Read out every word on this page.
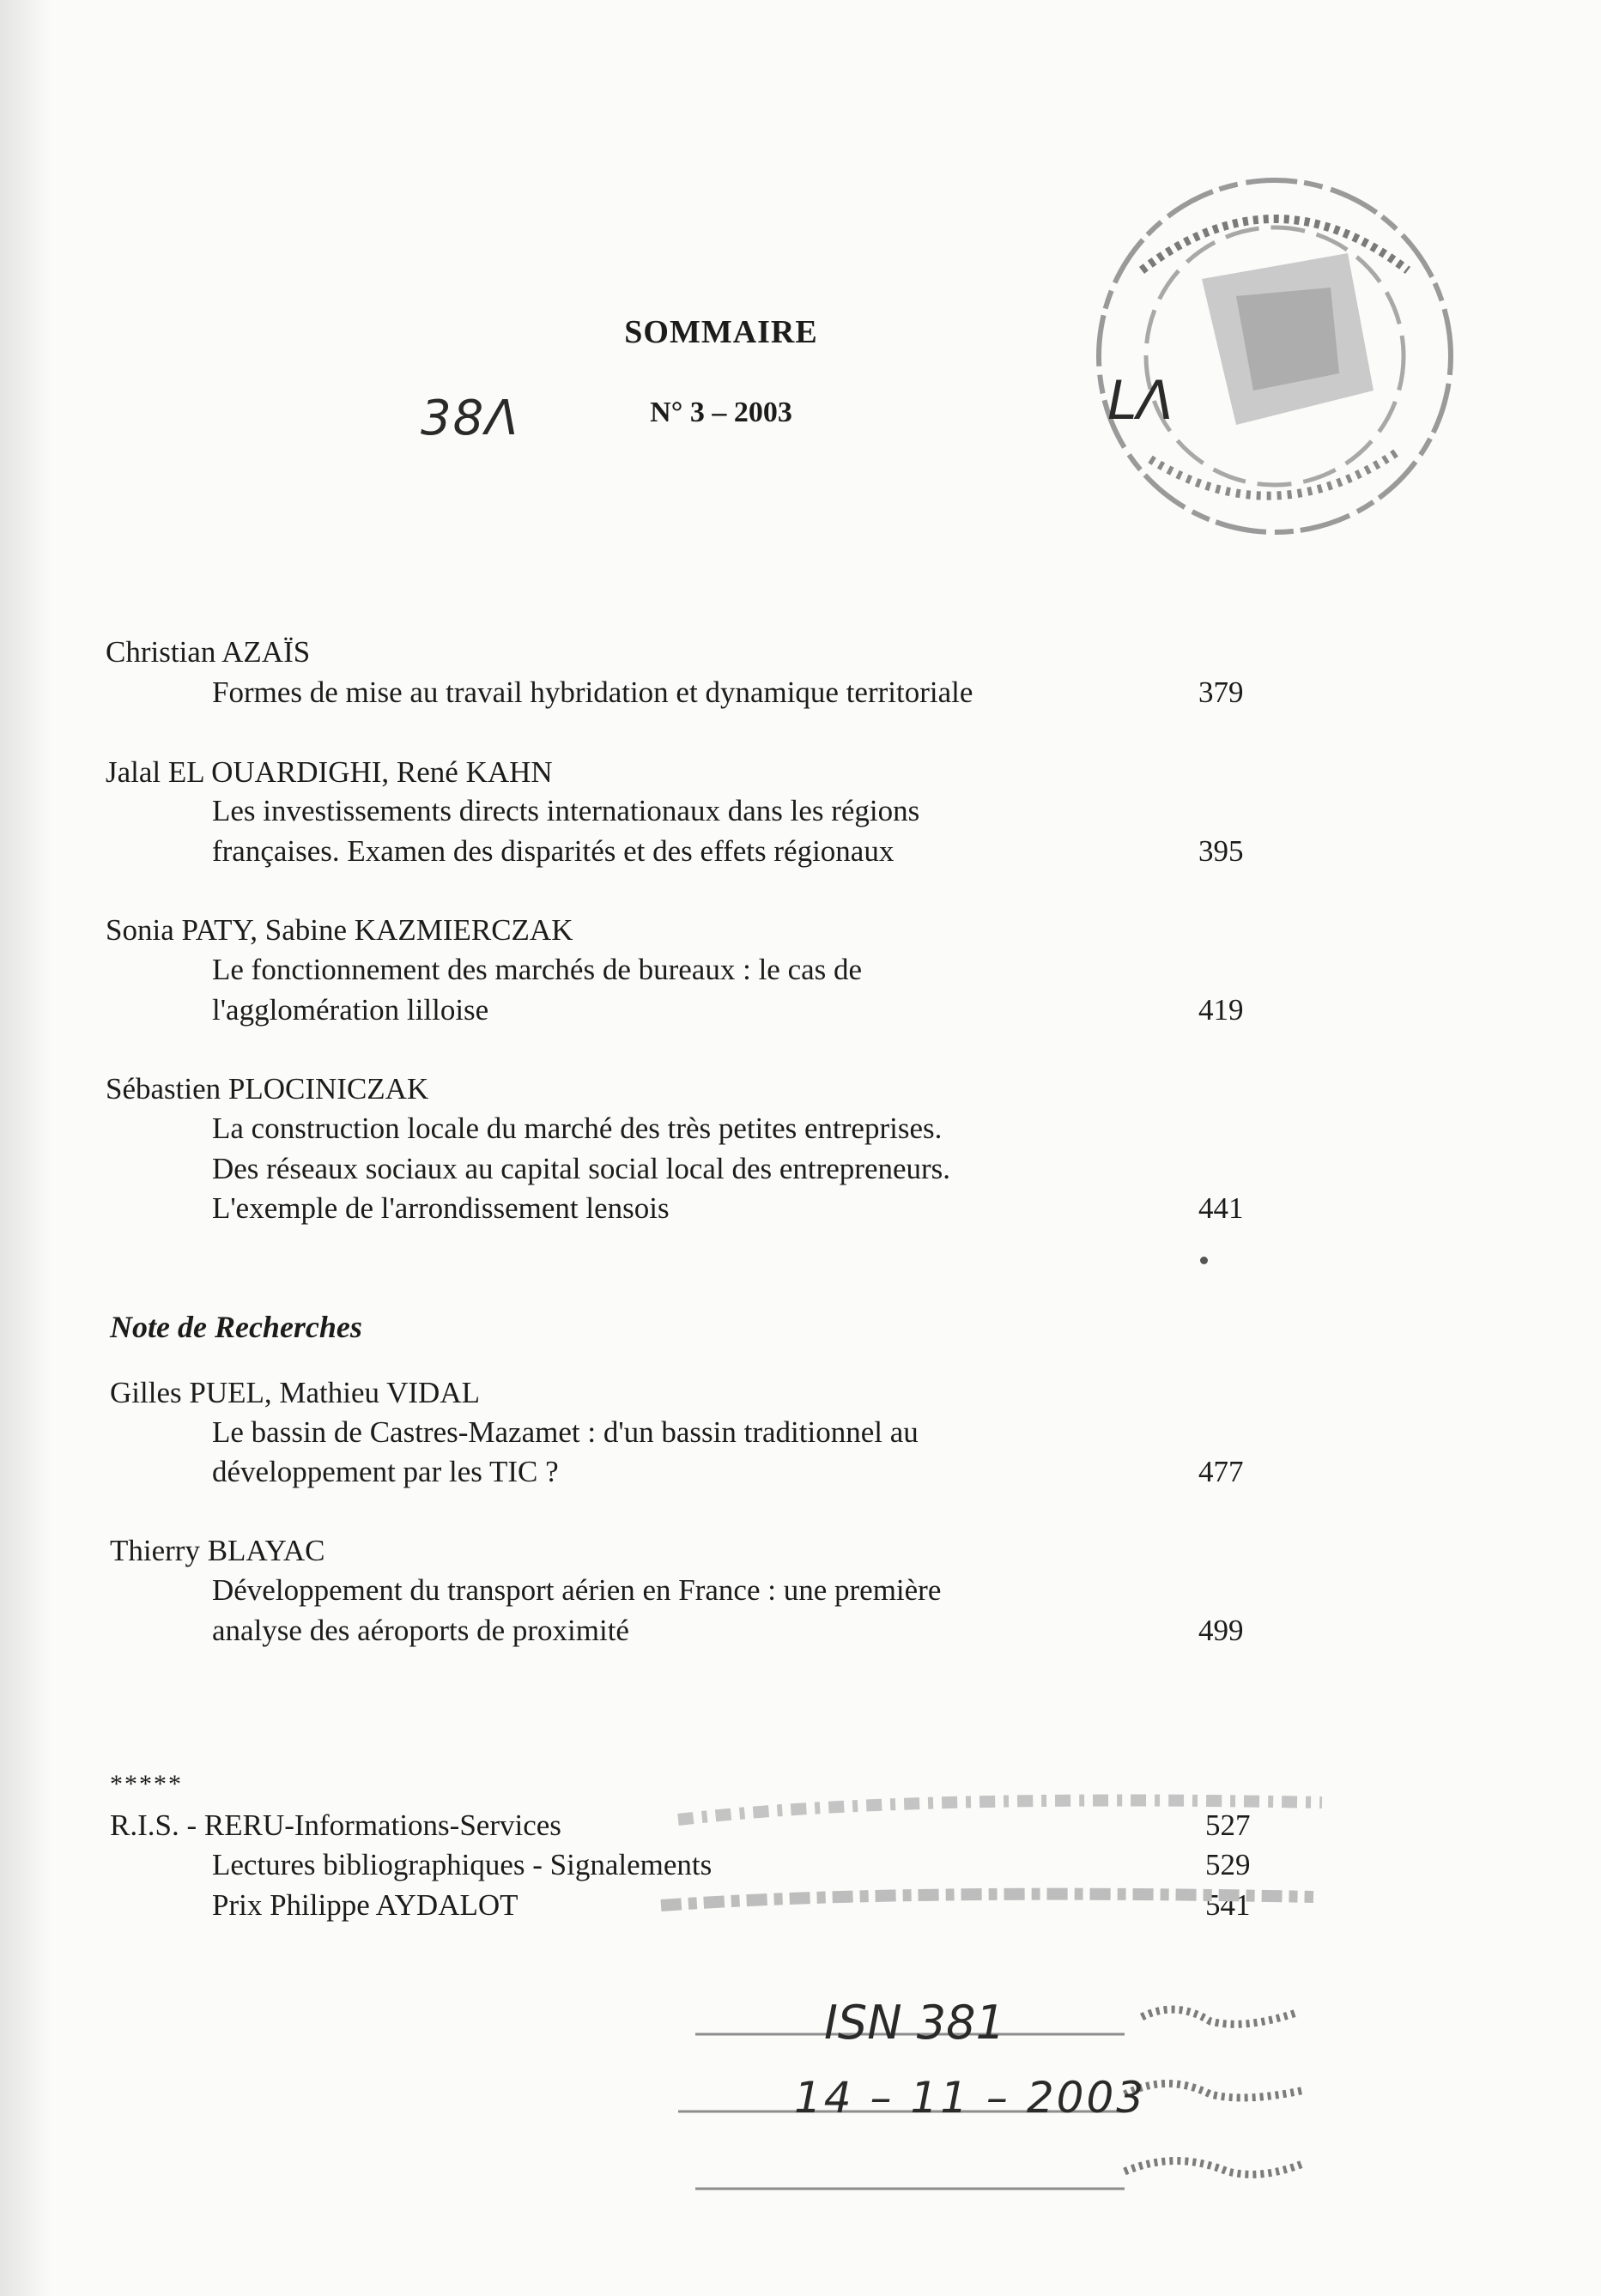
SOMMAIRE
38Λ	N° 3 – 2003	LΛ
Christian AZAÏS
Formes de mise au travail hybridation et dynamique territoriale	379
Jalal EL OUARDIGHI, René KAHN
Les investissements directs internationaux dans les régions
françaises. Examen des disparités et des effets régionaux	395
Sonia PATY, Sabine KAZMIERCZAK
Le fonctionnement des marchés de bureaux : le cas de
l'agglomération lilloise	419
Sébastien PLOCINICZAK
La construction locale du marché des très petites entreprises.
Des réseaux sociaux au capital social local des entrepreneurs.
L'exemple de l'arrondissement lensois	441
Note de Recherches
Gilles PUEL, Mathieu VIDAL
Le bassin de Castres-Mazamet : d'un bassin traditionnel au
développement par les TIC ?	477
Thierry BLAYAC
Développement du transport aérien en France : une première
analyse des aéroports de proximité	499
*****
R.I.S. - RERU-Informations-Services	527
Lectures bibliographiques - Signalements	529
Prix Philippe AYDALOT	541
ISN 381
14 – 11 – 2003
